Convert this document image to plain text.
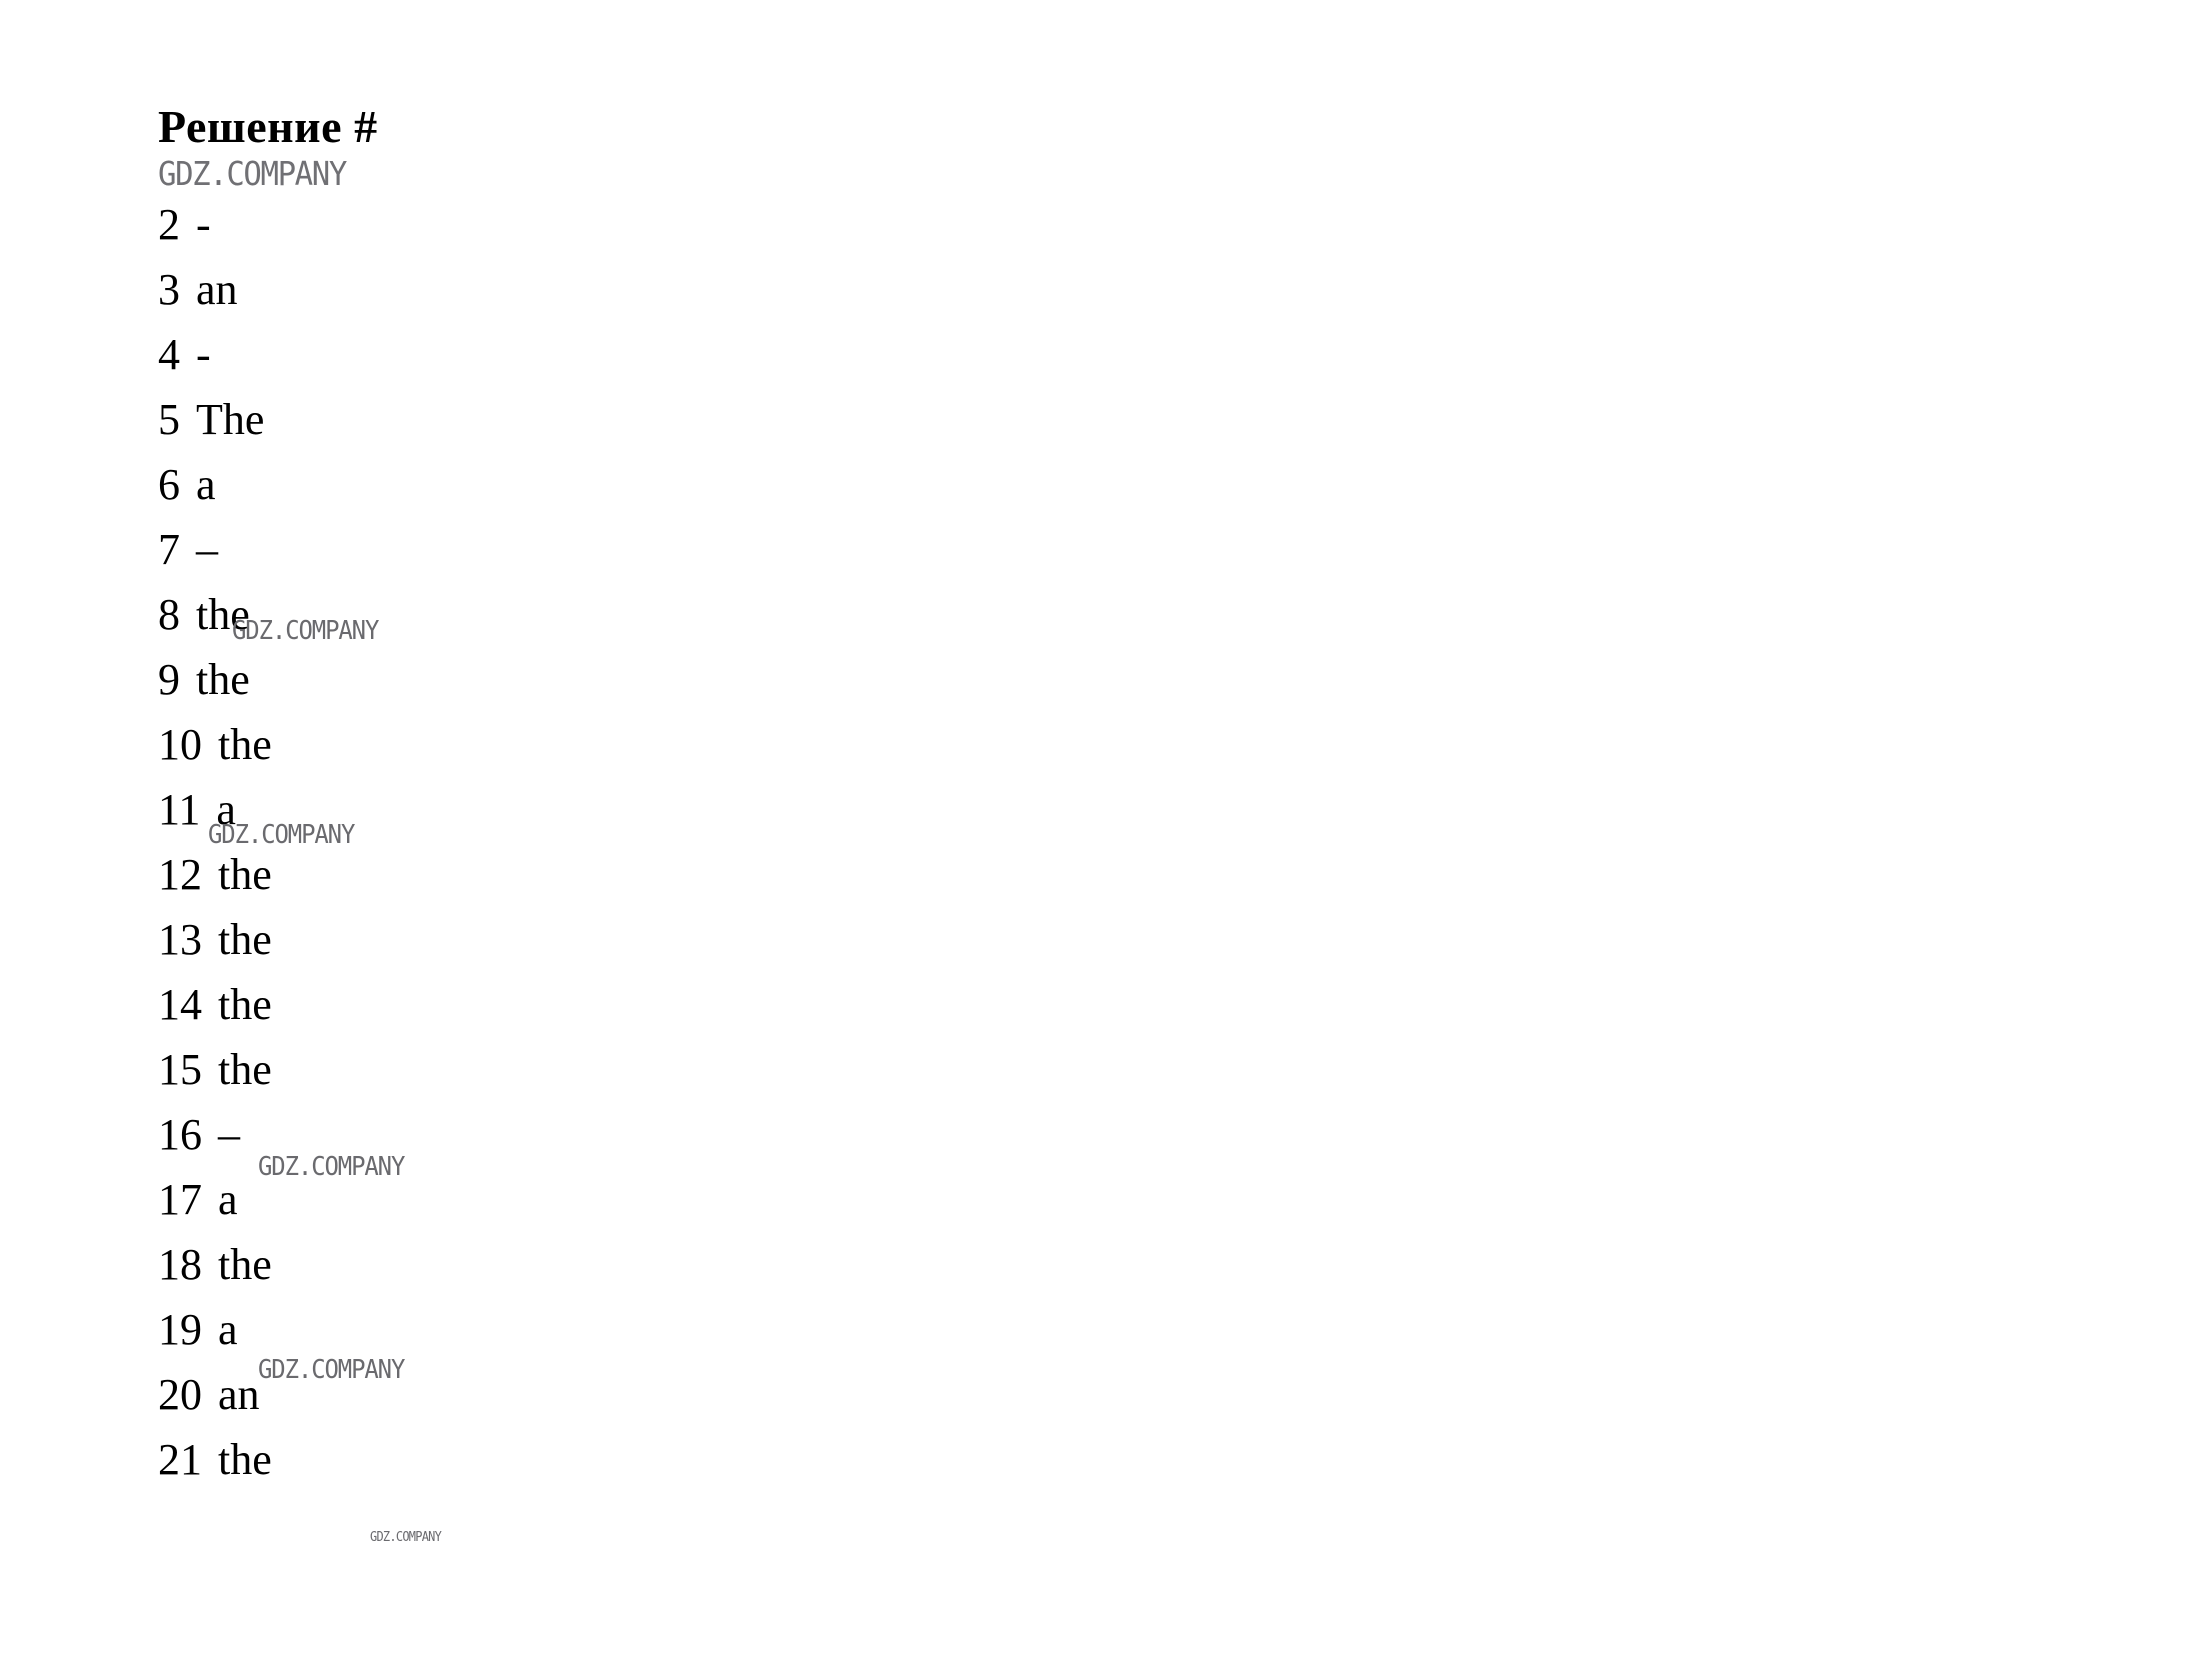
Решение #
GDZ.COMPANY
2 -
3 an
4 -
5 The
6 a
7 –
8 the
9 the
10 the
11 a
12 the
13 the
14 the
15 the
16 –
17 a
18 the
19 a
20 an
21 the
GDZ.COMPANY
GDZ.COMPANY
GDZ.COMPANY
GDZ.COMPANY
GDZ.COMPANY
